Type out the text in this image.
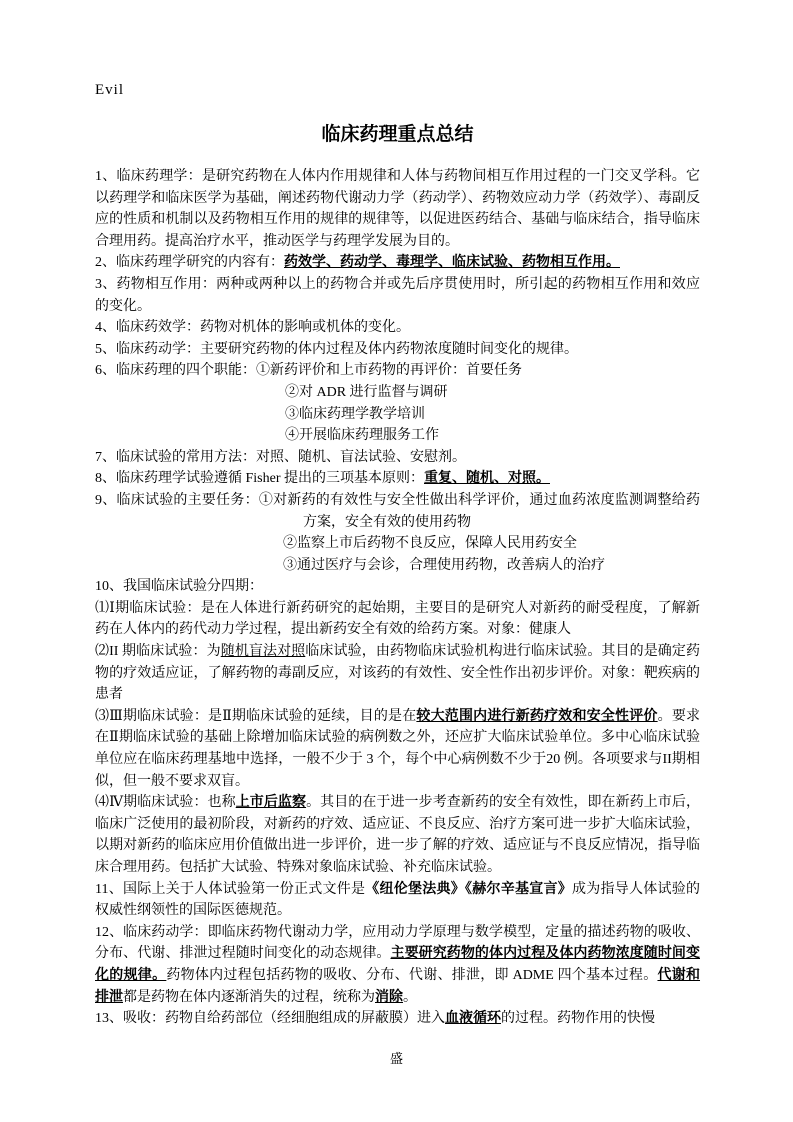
Evil
临床药理重点总结

1、临床药理学：是研究药物在人体内作用规律和人体与药物间相互作用过程的一门交叉学科。它以药理学和临床医学为基础，阐述药物代谢动力学（药动学）、药物效应动力学（药效学）、毒副反应的性质和机制以及药物相互作用的规律的规律等，以促进医药结合、基础与临床结合，指导临床合理用药。提高治疗水平，推动医学与药理学发展为目的。

2、临床药理学研究的内容有：药效学、药动学、毒理学、临床试验、药物相互作用。

3、药物相互作用：两种或两种以上的药物合并或先后序贯使用时，所引起的药物相互作用和效应的变化。

4、临床药效学：药物对机体的影响或机体的变化。

5、临床药动学：主要研究药物的体内过程及体内药物浓度随时间变化的规律。

6、临床药理的四个职能：①新药评价和上市药物的再评价：首要任务

②对 ADR 进行监督与调研

③临床药理学教学培训

④开展临床药理服务工作

7、临床试验的常用方法：对照、随机、盲法试验、安慰剂。

8、临床药理学试验遵循 Fisher 提出的三项基本原则：重复、随机、对照。

9、临床试验的主要任务：①对新药的有效性与安全性做出科学评价，通过血药浓度监测调整给药方案，安全有效的使用药物

②监察上市后药物不良反应，保障人民用药安全

③通过医疗与会诊，合理使用药物，改善病人的治疗

10、我国临床试验分四期：

⑴Ⅰ期临床试验：是在人体进行新药研究的起始期，主要目的是研究人对新药的耐受程度，了解新药在人体内的药代动力学过程，提出新药安全有效的给药方案。对象：健康人

⑵II 期临床试验：为随机盲法对照临床试验，由药物临床试验机构进行临床试验。其目的是确定药物的疗效适应证，了解药物的毒副反应，对该药的有效性、安全性作出初步评价。对象：靶疾病的患者

⑶Ⅲ期临床试验：是Ⅱ期临床试验的延续，目的是在较大范围内进行新药疗效和安全性评价。要求在Ⅱ期临床试验的基础上除增加临床试验的病例数之外，还应扩大临床试验单位。多中心临床试验单位应在临床药理基地中选择，一般不少于 3 个，每个中心病例数不少于20 例。各项要求与II期相似，但一般不要求双盲。

⑷Ⅳ期临床试验：也称上市后监察。其目的在于进一步考查新药的安全有效性，即在新药上市后，临床广泛使用的最初阶段，对新药的疗效、适应证、不良反应、治疗方案可进一步扩大临床试验，以期对新药的临床应用价值做出进一步评价，进一步了解的疗效、适应证与不良反应情况，指导临床合理用药。包括扩大试验、特殊对象临床试验、补充临床试验。

11、国际上关于人体试验第一份正式文件是《纽伦堡法典》《赫尔辛基宣言》成为指导人体试验的权威性纲领性的国际医德规范。

12、临床药动学：即临床药物代谢动力学，应用动力学原理与数学模型，定量的描述药物的吸收、分布、代谢、排泄过程随时间变化的动态规律。主要研究药物的体内过程及体内药物浓度随时间变化的规律。药物体内过程包括药物的吸收、分布、代谢、排泄，即 ADME 四个基本过程。代谢和排泄都是药物在体内逐渐消失的过程，统称为消除。

13、吸收：药物自给药部位（经细胞组成的屏蔽膜）进入血液循环的过程。药物作用的快慢

盛
